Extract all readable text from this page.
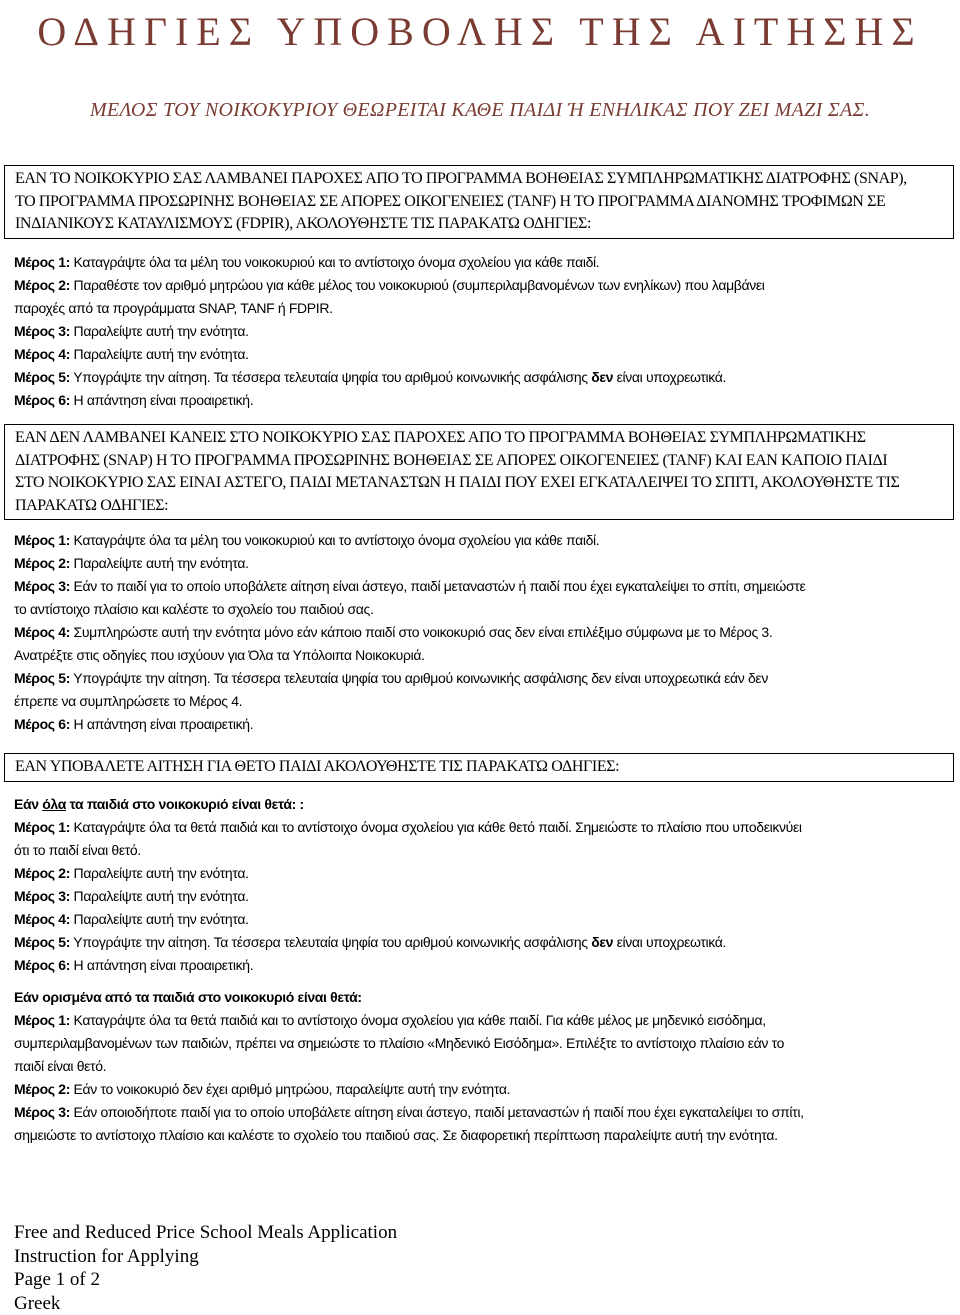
ΟΔΗΓΙΕΣ ΥΠΟΒΟΛΗΣ ΤΗΣ ΑΙΤΗΣΗΣ
ΜΕΛΟΣ ΤΟΥ ΝΟΙΚΟΚΥΡΙΟΥ ΘΕΩΡΕΙΤΑΙ ΚΑΘΕ ΠΑΙΔΙ Ή ΕΝΗΛΙΚΑΣ ΠΟΥ ΖΕΙ ΜΑΖΙ ΣΑΣ.
ΕΑΝ ΤΟ ΝΟΙΚΟΚΥΡΙΟ ΣΑΣ ΛΑΜΒΑΝΕΙ ΠΑΡΟΧΕΣ ΑΠΟ ΤΟ ΠΡΟΓΡΑΜΜΑ ΒΟΗΘΕΙΑΣ ΣΥΜΠΛΗΡΩΜΑΤΙΚΗΣ ΔΙΑΤΡΟΦΗΣ (SNAP),
ΤΟ ΠΡΟΓΡΑΜΜΑ ΠΡΟΣΩΡΙΝΗΣ ΒΟΗΘΕΙΑΣ ΣΕ ΑΠΟΡΕΣ ΟΙΚΟΓΕΝΕΙΕΣ (TANF) Η ΤΟ ΠΡΟΓΡΑΜΜΑ ΔΙΑΝΟΜΗΣ ΤΡΟΦΙΜΩΝ ΣΕ
ΙΝΔΙΑΝΙΚΟΥΣ ΚΑΤΑΥΛΙΣΜΟΥΣ (FDPIR), ΑΚΟΛΟΥΘΗΣΤΕ ΤΙΣ ΠΑΡΑΚΑΤΩ ΟΔΗΓΙΕΣ:
Μέρος 1: Καταγράψτε όλα τα μέλη του νοικοκυριού και το αντίστοιχο όνομα σχολείου για κάθε παιδί.
Μέρος 2: Παραθέστε τον αριθμό μητρώου για κάθε μέλος του νοικοκυριού (συμπεριλαμβανομένων των ενηλίκων) που λαμβάνει
παροχές από τα προγράμματα SNAP, TANF ή FDPIR.
Μέρος 3: Παραλείψτε αυτή την ενότητα.
Μέρος 4: Παραλείψτε αυτή την ενότητα.
Μέρος 5: Υπογράψτε την αίτηση. Τα τέσσερα τελευταία ψηφία του αριθμού κοινωνικής ασφάλισης δεν είναι υποχρεωτικά.
Μέρος 6: Η απάντηση είναι προαιρετική.
ΕΑΝ ΔΕΝ ΛΑΜΒΑΝΕΙ ΚΑΝΕΙΣ ΣΤΟ ΝΟΙΚΟΚΥΡΙΟ ΣΑΣ ΠΑΡΟΧΕΣ ΑΠΟ ΤΟ ΠΡΟΓΡΑΜΜΑ ΒΟΗΘΕΙΑΣ ΣΥΜΠΛΗΡΩΜΑΤΙΚΗΣ
ΔΙΑΤΡΟΦΗΣ (SNAP) Η ΤΟ ΠΡΟΓΡΑΜΜΑ ΠΡΟΣΩΡΙΝΗΣ ΒΟΗΘΕΙΑΣ ΣΕ ΑΠΟΡΕΣ ΟΙΚΟΓΕΝΕΙΕΣ (TANF) ΚΑΙ ΕΑΝ ΚΑΠΟΙΟ ΠΑΙΔΙ
ΣΤΟ ΝΟΙΚΟΚΥΡΙΟ ΣΑΣ ΕΙΝΑΙ ΑΣΤΕΓΟ, ΠΑΙΔΙ ΜΕΤΑΝΑΣΤΩΝ Η ΠΑΙΔΙ ΠΟΥ ΕΧΕΙ ΕΓΚΑΤΑΛΕΙΨΕΙ ΤΟ ΣΠΙΤΙ, ΑΚΟΛΟΥΘΗΣΤΕ ΤΙΣ
ΠΑΡΑΚΑΤΩ ΟΔΗΓΙΕΣ:
Μέρος 1: Καταγράψτε όλα τα μέλη του νοικοκυριού και το αντίστοιχο όνομα σχολείου για κάθε παιδί.
Μέρος 2: Παραλείψτε αυτή την ενότητα.
Μέρος 3: Εάν το παιδί για το οποίο υποβάλετε αίτηση είναι άστεγο, παιδί μεταναστών ή παιδί που έχει εγκαταλείψει το σπίτι, σημειώστε
το αντίστοιχο πλαίσιο και καλέστε το σχολείο του παιδιού σας.
Μέρος 4: Συμπληρώστε αυτή την ενότητα μόνο εάν κάποιο παιδί στο νοικοκυριό σας δεν είναι επιλέξιμο σύμφωνα με το Μέρος 3.
Ανατρέξτε στις οδηγίες που ισχύουν για Όλα τα Υπόλοιπα Νοικοκυριά.
Μέρος 5: Υπογράψτε την αίτηση. Τα τέσσερα τελευταία ψηφία του αριθμού κοινωνικής ασφάλισης δεν είναι υποχρεωτικά εάν δεν
έπρεπε να συμπληρώσετε το Μέρος 4.
Μέρος 6: Η απάντηση είναι προαιρετική.
ΕΑΝ ΥΠΟΒΑΛΕΤΕ ΑΙΤΗΣΗ ΓΙΑ ΘΕΤΟ ΠΑΙΔΙ ΑΚΟΛΟΥΘΗΣΤΕ ΤΙΣ ΠΑΡΑΚΑΤΩ ΟΔΗΓΙΕΣ:
Εάν όλα τα παιδιά στο νοικοκυριό είναι θετά: :
Μέρος 1: Καταγράψτε όλα τα θετά παιδιά και το αντίστοιχο όνομα σχολείου για κάθε θετό παιδί. Σημειώστε το πλαίσιο που υποδεικνύει
ότι το παιδί είναι θετό.
Μέρος 2: Παραλείψτε αυτή την ενότητα.
Μέρος 3: Παραλείψτε αυτή την ενότητα.
Μέρος 4: Παραλείψτε αυτή την ενότητα.
Μέρος 5: Υπογράψτε την αίτηση. Τα τέσσερα τελευταία ψηφία του αριθμού κοινωνικής ασφάλισης δεν είναι υποχρεωτικά.
Μέρος 6: Η απάντηση είναι προαιρετική.
Εάν ορισμένα από τα παιδιά στο νοικοκυριό είναι θετά:
Μέρος 1: Καταγράψτε όλα τα θετά παιδιά και το αντίστοιχο όνομα σχολείου για κάθε παιδί. Για κάθε μέλος με μηδενικό εισόδημα,
συμπεριλαμβανομένων των παιδιών, πρέπει να σημειώστε το πλαίσιο «Μηδενικό Εισόδημα». Επιλέξτε το αντίστοιχο πλαίσιο εάν το
παιδί είναι θετό.
Μέρος 2: Εάν το νοικοκυριό δεν έχει αριθμό μητρώου, παραλείψτε αυτή την ενότητα.
Μέρος 3: Εάν οποιοδήποτε παιδί για το οποίο υποβάλετε αίτηση είναι άστεγο, παιδί μεταναστών ή παιδί που έχει εγκαταλείψει το σπίτι,
σημειώστε το αντίστοιχο πλαίσιο και καλέστε το σχολείο του παιδιού σας. Σε διαφορετική περίπτωση παραλείψτε αυτή την ενότητα.
Free and Reduced Price School Meals Application
Instruction for Applying
Page 1 of 2
Greek
